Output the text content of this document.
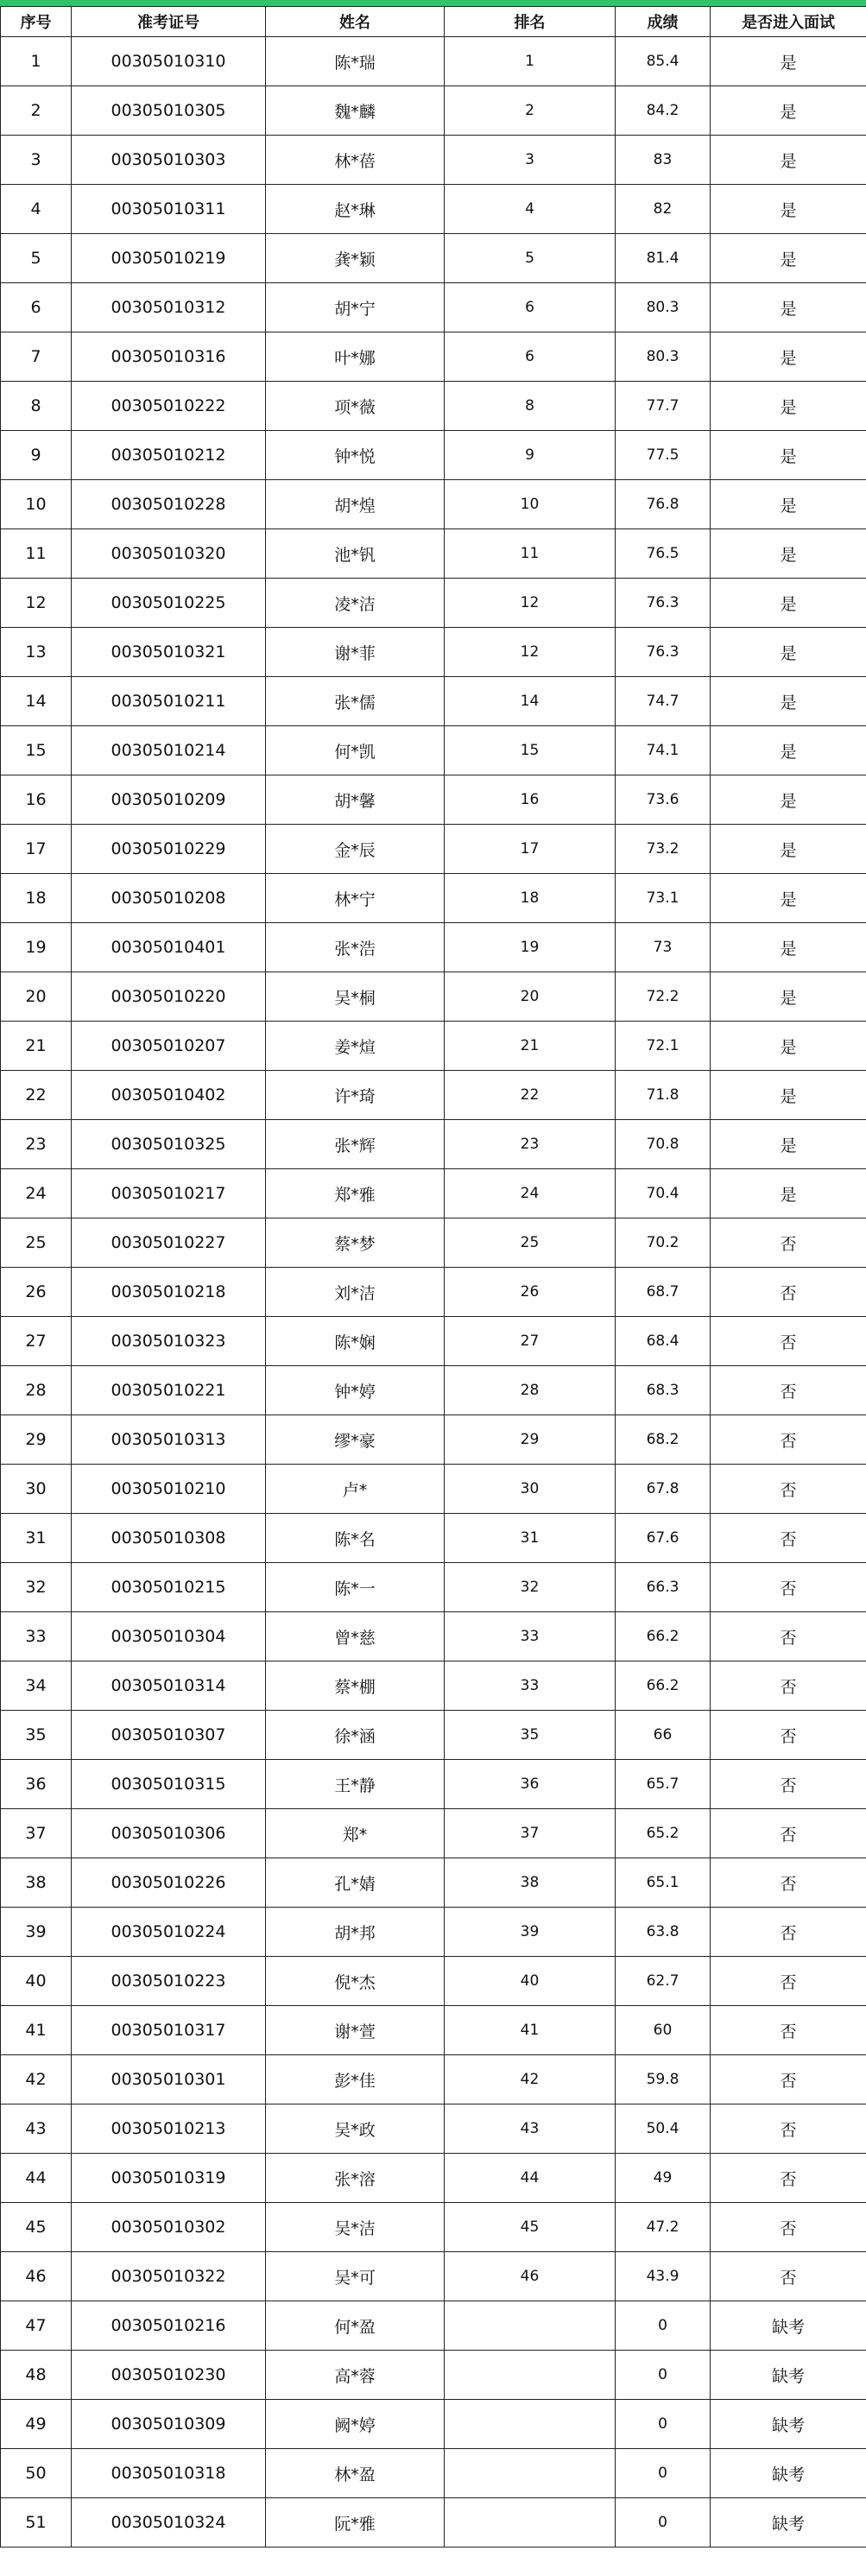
序号	准考证号	姓名	排名	成绩	是否进入面试
1	00305010310	陈*瑞	1	85.4	是
2	00305010305	魏*麟	2	84.2	是
3	00305010303	林*蓓	3	83	是
4	00305010311	赵*琳	4	82	是
5	00305010219	龚*颖	5	81.4	是
6	00305010312	胡*宁	6	80.3	是
7	00305010316	叶*娜	6	80.3	是
8	00305010222	项*薇	8	77.7	是
9	00305010212	钟*悦	9	77.5	是
10	00305010228	胡*煌	10	76.8	是
11	00305010320	池*钒	11	76.5	是
12	00305010225	凌*洁	12	76.3	是
13	00305010321	谢*菲	12	76.3	是
14	00305010211	张*儒	14	74.7	是
15	00305010214	何*凯	15	74.1	是
16	00305010209	胡*馨	16	73.6	是
17	00305010229	金*辰	17	73.2	是
18	00305010208	林*宁	18	73.1	是
19	00305010401	张*浩	19	73	是
20	00305010220	吴*桐	20	72.2	是
21	00305010207	姜*煊	21	72.1	是
22	00305010402	许*琦	22	71.8	是
23	00305010325	张*辉	23	70.8	是
24	00305010217	郑*雅	24	70.4	是
25	00305010227	蔡*梦	25	70.2	否
26	00305010218	刘*洁	26	68.7	否
27	00305010323	陈*娴	27	68.4	否
28	00305010221	钟*婷	28	68.3	否
29	00305010313	缪*豪	29	68.2	否
30	00305010210	卢*	30	67.8	否
31	00305010308	陈*名	31	67.6	否
32	00305010215	陈*一	32	66.3	否
33	00305010304	曾*慈	33	66.2	否
34	00305010314	蔡*棚	33	66.2	否
35	00305010307	徐*涵	35	66	否
36	00305010315	王*静	36	65.7	否
37	00305010306	郑*	37	65.2	否
38	00305010226	孔*婧	38	65.1	否
39	00305010224	胡*邦	39	63.8	否
40	00305010223	倪*杰	40	62.7	否
41	00305010317	谢*萱	41	60	否
42	00305010301	彭*佳	42	59.8	否
43	00305010213	吴*政	43	50.4	否
44	00305010319	张*溶	44	49	否
45	00305010302	吴*洁	45	47.2	否
46	00305010322	吴*可	46	43.9	否
47	00305010216	何*盈		0	缺考
48	00305010230	高*蓉		0	缺考
49	00305010309	阙*婷		0	缺考
50	00305010318	林*盈		0	缺考
51	00305010324	阮*雅		0	缺考
